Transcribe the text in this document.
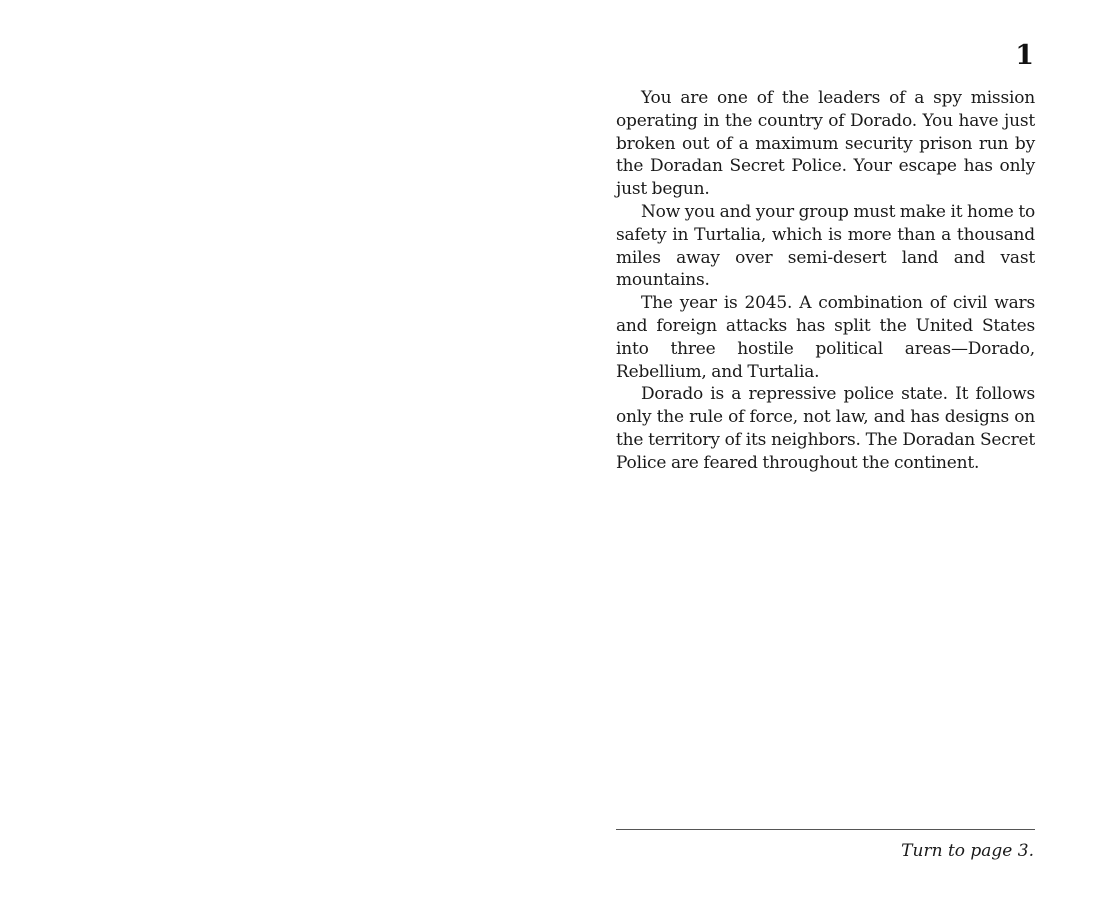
1

You are one of the leaders of a spy mission operating in the country of Dorado. You have just broken out of a maximum security prison run by the Doradan Secret Police. Your escape has only just begun.

Now you and your group must make it home to safety in Turtalia, which is more than a thousand miles away over semi-desert land and vast mountains.

The year is 2045. A combination of civil wars and foreign attacks has split the United States into three hostile political areas—Dorado, Rebellium, and Turtalia.

Dorado is a repressive police state. It follows only the rule of force, not law, and has designs on the territory of its neighbors. The Doradan Secret Police are feared throughout the continent.

Turn to page 3.
